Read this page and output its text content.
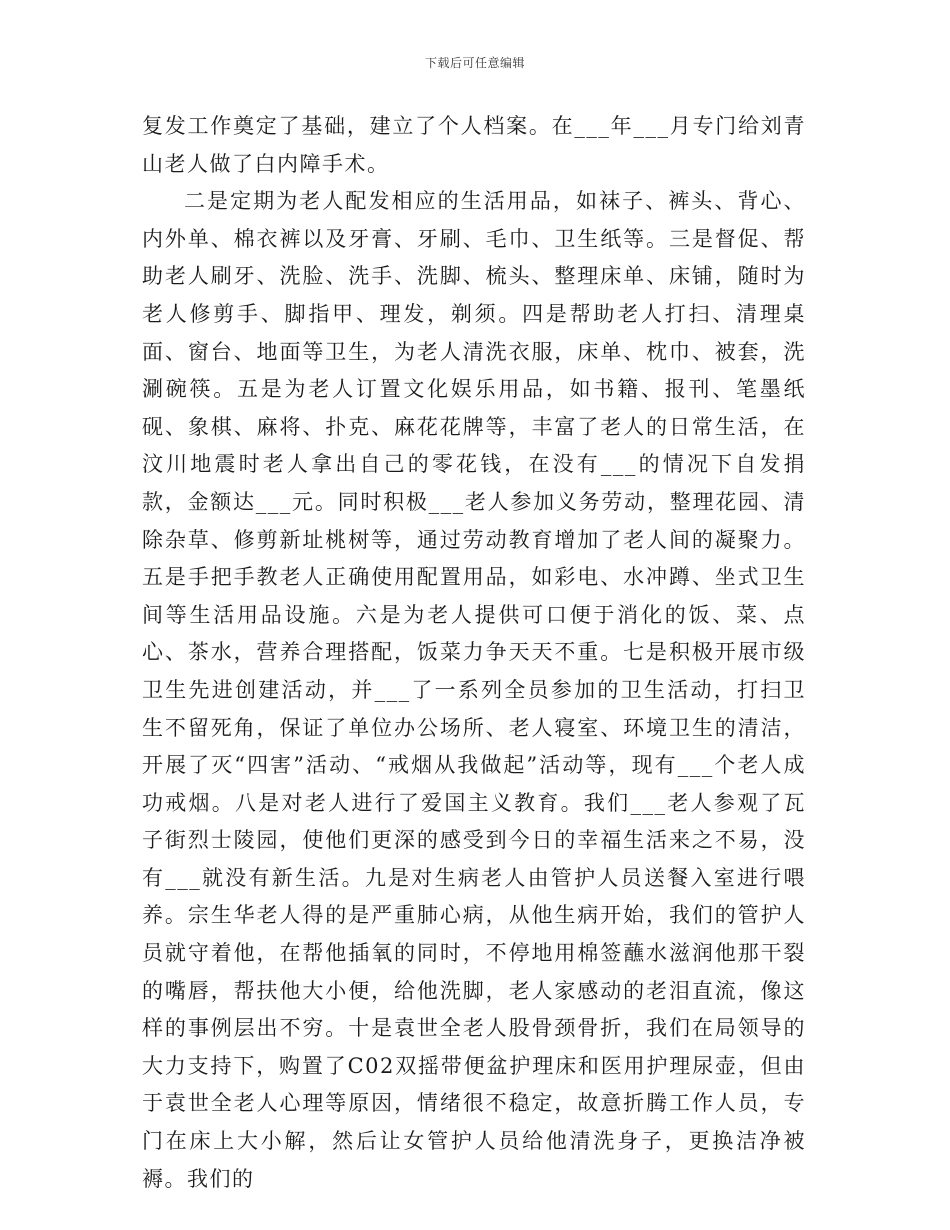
下载后可任意编辑

复发工作奠定了基础，建立了个人档案。在___年___月专门给刘青山老人做了白内障手术。

二是定期为老人配发相应的生活用品，如袜子、裤头、背心、内外单、棉衣裤以及牙膏、牙刷、毛巾、卫生纸等。三是督促、帮助老人刷牙、洗脸、洗手、洗脚、梳头、整理床单、床铺，随时为老人修剪手、脚指甲、理发，剃须。四是帮助老人打扫、清理桌面、窗台、地面等卫生，为老人清洗衣服，床单、枕巾、被套，洗涮碗筷。五是为老人订置文化娱乐用品，如书籍、报刊、笔墨纸砚、象棋、麻将、扑克、麻花花牌等，丰富了老人的日常生活，在汶川地震时老人拿出自己的零花钱，在没有___的情况下自发捐款，金额达___元。同时积极___老人参加义务劳动，整理花园、清除杂草、修剪新址桃树等，通过劳动教育增加了老人间的凝聚力。五是手把手教老人正确使用配置用品，如彩电、水冲蹲、坐式卫生间等生活用品设施。六是为老人提供可口便于消化的饭、菜、点心、茶水，营养合理搭配，饭菜力争天天不重。七是积极开展市级卫生先进创建活动，并___了一系列全员参加的卫生活动，打扫卫生不留死角，保证了单位办公场所、老人寝室、环境卫生的清洁，开展了灭“四害”活动、“戒烟从我做起”活动等，现有___个老人成功戒烟。八是对老人进行了爱国主义教育。我们___老人参观了瓦子街烈士陵园，使他们更深的感受到今日的幸福生活来之不易，没有___就没有新生活。九是对生病老人由管护人员送餐入室进行喂养。宗生华老人得的是严重肺心病，从他生病开始，我们的管护人员就守着他，在帮他插氧的同时，不停地用棉签蘸水滋润他那干裂的嘴唇，帮扶他大小便，给他洗脚，老人家感动的老泪直流，像这样的事例层出不穷。十是袁世全老人股骨颈骨折，我们在局领导的大力支持下，购置了C02双摇带便盆护理床和医用护理尿壶，但由于袁世全老人心理等原因，情绪很不稳定，故意折腾工作人员，专门在床上大小解，然后让女管护人员给他清洗身子，更换洁净被褥。我们的
